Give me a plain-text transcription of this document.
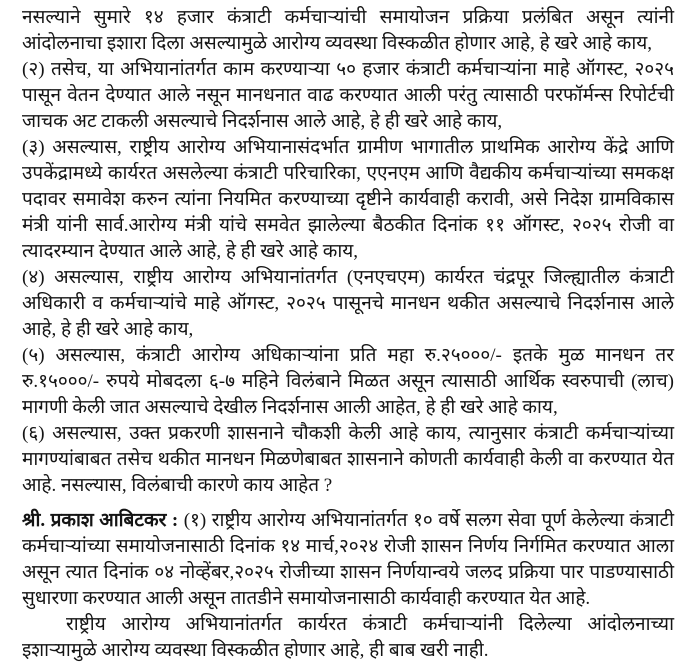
नसल्याने सुमारे १४ हजार कंत्राटी कर्मचाऱ्यांची समायोजन प्रक्रिया प्रलंबित असून त्यांनी आंदोलनाचा इशारा दिला असल्यामुळे आरोग्य व्यवस्था विस्कळीत होणार आहे, हे खरे आहे काय,

(२) तसेच, या अभियानांतर्गत काम करण्याऱ्या ५० हजार कंत्राटी कर्मचाऱ्यांना माहे ऑगस्ट, २०२५ पासून वेतन देण्यात आले नसून मानधनात वाढ करण्यात आली परंतु त्यासाठी परफॉर्मन्स रिपोर्टची जाचक अट टाकली असल्याचे निदर्शनास आले आहे, हे ही खरे आहे काय,

(३) असल्यास, राष्ट्रीय आरोग्य अभियानासंदर्भात ग्रामीण भागातील प्राथमिक आरोग्य केंद्रे आणि उपकेंद्रामध्ये कार्यरत असलेल्या कंत्राटी परिचारिका, एएनएम आणि वैद्यकीय कर्मचाऱ्यांच्या समकक्ष पदावर समावेश करुन त्यांना नियमित करण्याच्या दृष्टीने कार्यवाही करावी, असे निदेश ग्रामविकास मंत्री यांनी सार्व.आरोग्य मंत्री यांचे समवेत झालेल्या बैठकीत दिनांक ११ ऑगस्ट, २०२५ रोजी वा त्यादरम्यान देण्यात आले आहे, हे ही खरे आहे काय,

(४) असल्यास, राष्ट्रीय आरोग्य अभियानांतर्गत (एनएचएम) कार्यरत चंद्रपूर जिल्ह्यातील कंत्राटी अधिकारी व कर्मचाऱ्यांचे माहे ऑगस्ट, २०२५ पासूनचे मानधन थकीत असल्याचे निदर्शनास आले आहे, हे ही खरे आहे काय,

(५) असल्यास, कंत्राटी आरोग्य अधिकाऱ्यांना प्रति महा रु.२५०००/- इतके मुळ मानधन तर रु.१५०००/- रुपये मोबदला ६-७ महिने विलंबाने मिळत असून त्यासाठी आर्थिक स्वरुपाची (लाच) मागणी केली जात असल्याचे देखील निदर्शनास आली आहेत, हे ही खरे आहे काय,

(६) असल्यास, उक्त प्रकरणी शासनाने चौकशी केली आहे काय, त्यानुसार कंत्राटी कर्मचाऱ्यांच्या मागण्यांबाबत तसेच थकीत मानधन मिळणेबाबत शासनाने कोणती कार्यवाही केली वा करण्यात येत आहे. नसल्यास, विलंबाची कारणे काय आहेत ?

श्री. प्रकाश आबिटकर : (१) राष्ट्रीय आरोग्य अभियानांतर्गत १० वर्षे सलग सेवा पूर्ण केलेल्या कंत्राटी कर्मचाऱ्यांच्या समायोजनासाठी दिनांक १४ मार्च,२०२४ रोजी शासन निर्णय निर्गमित करण्यात आला असून त्यात दिनांक ०४ नोव्हेंबर,२०२५ रोजीच्या शासन निर्णयान्वये जलद प्रक्रिया पार पाडण्यासाठी सुधारणा करण्यात आली असून तातडीने समायोजनासाठी कार्यवाही करण्यात येत आहे.

राष्ट्रीय आरोग्य अभियानांतर्गत कार्यरत कंत्राटी कर्मचाऱ्यांनी दिलेल्या आंदोलनाच्या इशाऱ्यामुळे आरोग्य व्यवस्था विस्कळीत होणार आहे, ही बाब खरी नाही.
